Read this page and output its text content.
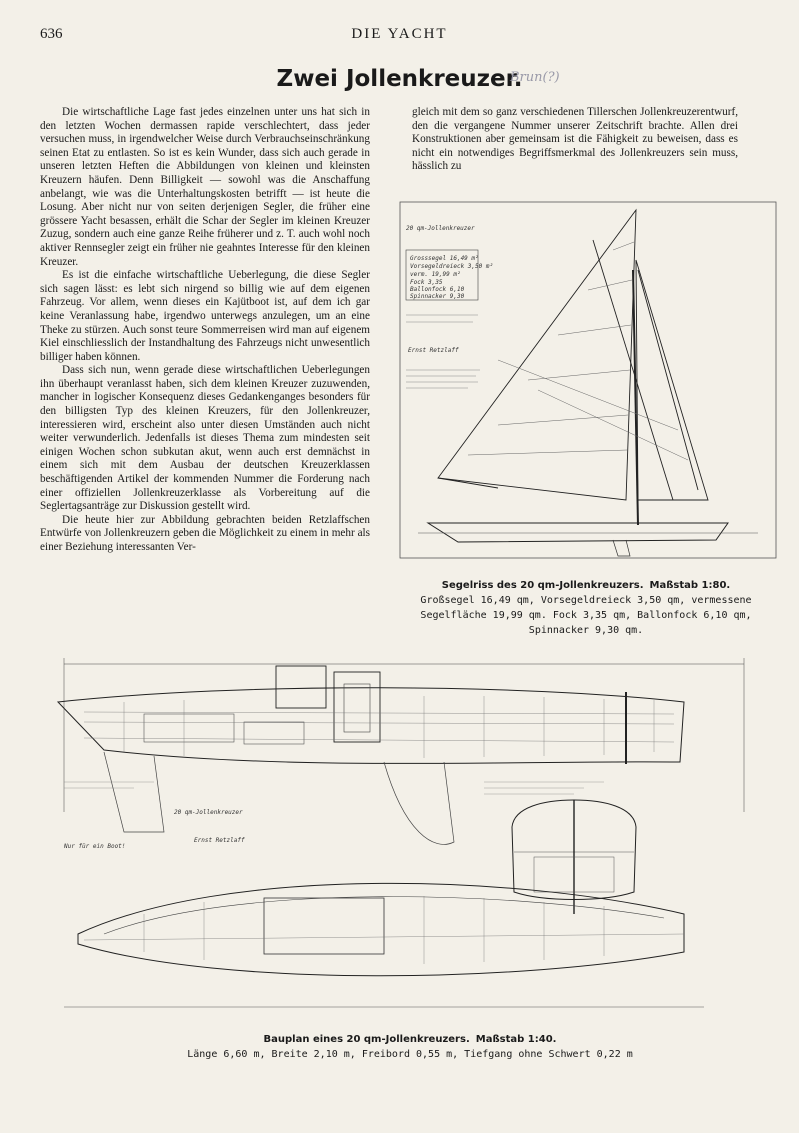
636	DIE YACHT
Zwei Jollenkreuzer.
Brun(?)

Die wirtschaftliche Lage fast jedes einzelnen unter uns hat sich in den letzten Wochen dermassen rapide verschlechtert, dass jeder versuchen muss, in irgendwelcher Weise durch Verbrauchseinschränkung seinen Etat zu entlasten. So ist es kein Wunder, dass sich auch gerade in unseren letzten Heften die Abbildungen von kleinen und kleinsten Kreuzern häufen. Denn Billigkeit — sowohl was die Anschaffung anbelangt, wie was die Unterhaltungskosten betrifft — ist heute die Losung. Aber nicht nur von seiten derjenigen Segler, die früher eine grössere Yacht besassen, erhält die Schar der Segler im kleinen Kreuzer Zuzug, sondern auch eine ganze Reihe früherer und z. T. auch wohl noch aktiver Rennsegler zeigt ein früher nie geahntes Interesse für den kleinen Kreuzer.

Es ist die einfache wirtschaftliche Ueberlegung, die diese Segler sich sagen lässt: es lebt sich nirgend so billig wie auf dem eigenen Fahrzeug. Vor allem, wenn dieses ein Kajütboot ist, auf dem ich gar keine Veranlassung habe, irgendwo unterwegs anzulegen, um an eine Theke zu stürzen. Auch sonst teure Sommerreisen wird man auf eigenem Kiel einschliesslich der Instandhaltung des Fahrzeugs nicht unwesentlich billiger haben können.

Dass sich nun, wenn gerade diese wirtschaftlichen Ueberlegungen ihn überhaupt veranlasst haben, sich dem kleinen Kreuzer zuzuwenden, mancher in logischer Konsequenz dieses Gedankenganges besonders für den billigsten Typ des kleinen Kreuzers, für den Jollenkreuzer, interessieren wird, erscheint also unter diesen Umständen auch nicht weiter verwunderlich. Jedenfalls ist dieses Thema zum mindesten seit einigen Wochen schon subkutan akut, wenn auch erst demnächst in einem sich mit dem Ausbau der deutschen Kreuzerklassen beschäftigenden Artikel der kommenden Nummer die Forderung nach einer offiziellen Jollenkreuzerklasse als Vorbereitung auf die Seglertagsanträge zur Diskussion gestellt wird.

Die heute hier zur Abbildung gebrachten beiden Retzlaffschen Entwürfe von Jollenkreuzern geben die Möglichkeit zu einem in mehr als einer Beziehung interessanten Ver-

gleich mit dem so ganz verschiedenen Tillerschen Jollenkreuzerentwurf, den die vergangene Nummer unserer Zeitschrift brachte. Allen drei Konstruktionen aber gemeinsam ist die Fähigkeit zu beweisen, dass es nicht ein notwendiges Begriffsmerkmal des Jollenkreuzers sein muss, hässlich zu

20 qm-Jollenkreuzer
Grosssegel 16,49 m²
Vorsegeldreieck 3,50 m²
verm. 19,99 m²
Fock 3,35
Ballonfock 6,10
Spinnacker 9,30
Ernst Retzlaff
Segelriss des 20 qm-Jollenkreuzers. Maßstab 1:80.
Großsegel 16,49 qm, Vorsegeldreieck 3,50 qm, vermessene
Segelfläche 19,99 qm. Fock 3,35 qm, Ballonfock 6,10 qm,
Spinnacker 9,30 qm.
20 qm-Jollenkreuzer
Nur für ein Boot!
Ernst Retzlaff
Bauplan eines 20 qm-Jollenkreuzers. Maßstab 1:40.
Länge 6,60 m, Breite 2,10 m, Freibord 0,55 m, Tiefgang ohne Schwert 0,22 m
